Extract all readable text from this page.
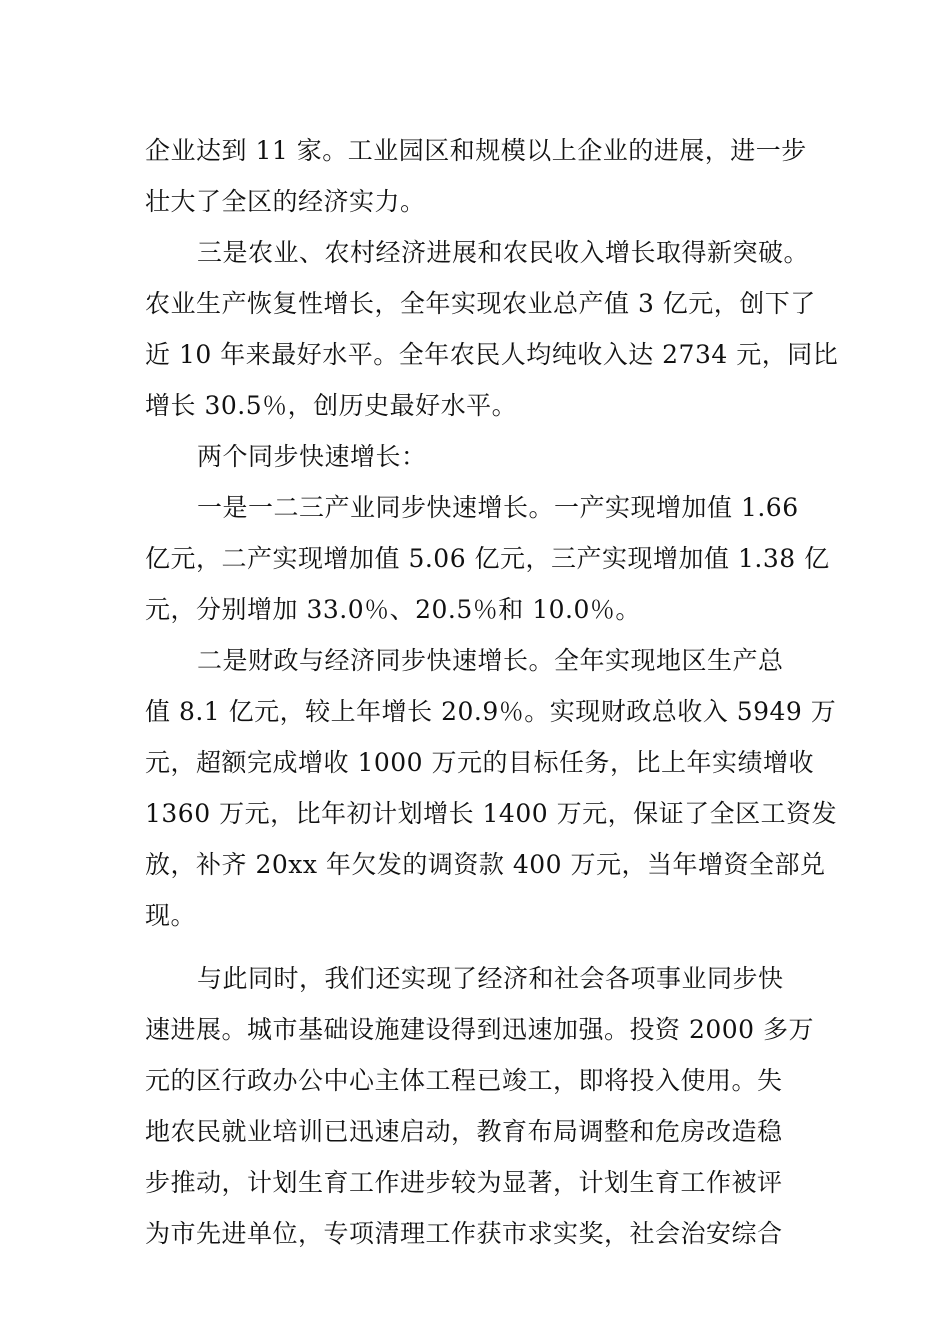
企业达到 11 家。工业园区和规模以上企业的进展，进一步
壮大了全区的经济实力。
三是农业、农村经济进展和农民收入增长取得新突破。
农业生产恢复性增长，全年实现农业总产值 3 亿元，创下了
近 10 年来最好水平。全年农民人均纯收入达 2734 元，同比
增长 30.5％，创历史最好水平。
两个同步快速增长：
一是一二三产业同步快速增长。一产实现增加值 1.66
亿元，二产实现增加值 5.06 亿元，三产实现增加值 1.38 亿
元，分别增加 33.0％、20.5％和 10.0％。
二是财政与经济同步快速增长。全年实现地区生产总
值 8.1 亿元，较上年增长 20.9％。实现财政总收入 5949 万
元，超额完成增收 1000 万元的目标任务，比上年实绩增收
1360 万元，比年初计划增长 1400 万元，保证了全区工资发
放，补齐 20xx 年欠发的调资款 400 万元，当年增资全部兑
现。
与此同时，我们还实现了经济和社会各项事业同步快
速进展。城市基础设施建设得到迅速加强。投资 2000 多万
元的区行政办公中心主体工程已竣工，即将投入使用。失
地农民就业培训已迅速启动，教育布局调整和危房改造稳
步推动，计划生育工作进步较为显著，计划生育工作被评
为市先进单位，专项清理工作获市求实奖，社会治安综合
